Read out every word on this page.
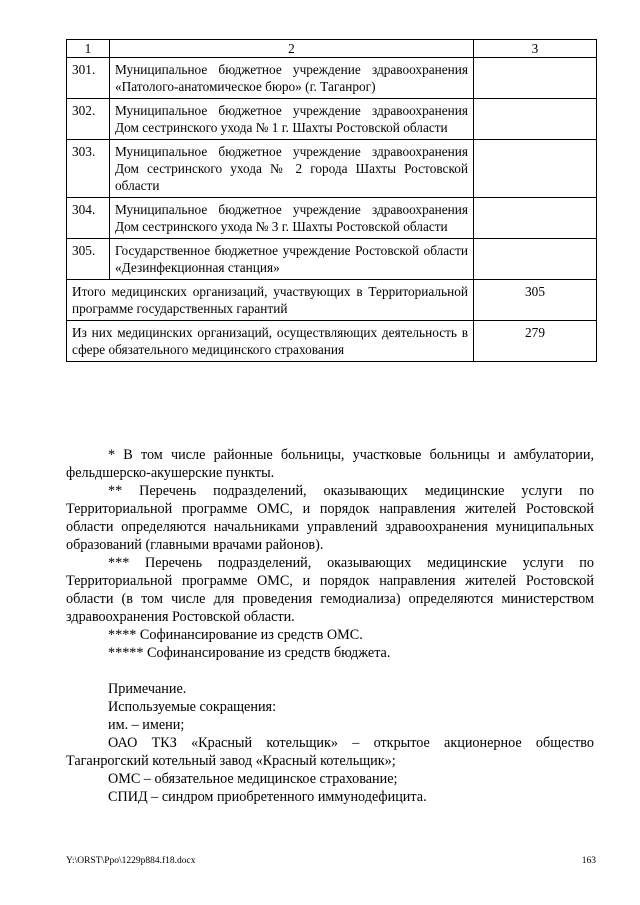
1	2	3
301.	Муниципальное бюджетное учреждение здравоохранения «Патолого-анатомическое бюро» (г. Таганрог)	
302.	Муниципальное бюджетное учреждение здравоохранения Дом сестринского ухода № 1 г. Шахты Ростовской области	
303.	Муниципальное бюджетное учреждение здравоохранения Дом сестринского ухода № 2 города Шахты Ростовской области	
304.	Муниципальное бюджетное учреждение здравоохранения Дом сестринского ухода № 3 г. Шахты Ростовской области	
305.	Государственное бюджетное учреждение Ростовской области «Дезинфекционная станция»	
Итого медицинских организаций, участвующих в Территориальной программе государственных гарантий		305
Из них медицинских организаций, осуществляющих деятельность в сфере обязательного медицинского страхования		279

* В том числе районные больницы, участковые больницы и амбулатории, фельдшерско-акушерские пункты.

** Перечень подразделений, оказывающих медицинские услуги по Территориальной программе ОМС, и порядок направления жителей Ростовской области определяются начальниками управлений здравоохранения муниципальных образований (главными врачами районов).

*** Перечень подразделений, оказывающих медицинские услуги по Территориальной программе ОМС, и порядок направления жителей Ростовской области (в том числе для проведения гемодиализа) определяются министерством здравоохранения Ростовской области.

**** Софинансирование из средств ОМС.

***** Софинансирование из средств бюджета.

Примечание.

Используемые сокращения:

им. – имени;

ОАО ТКЗ «Красный котельщик» – открытое акционерное общество Таганрогский котельный завод «Красный котельщик»;

ОМС – обязательное медицинское страхование;

СПИД – синдром приобретенного иммунодефицита.

Y:\ORST\Ppo\1229p884.f18.docx	163
